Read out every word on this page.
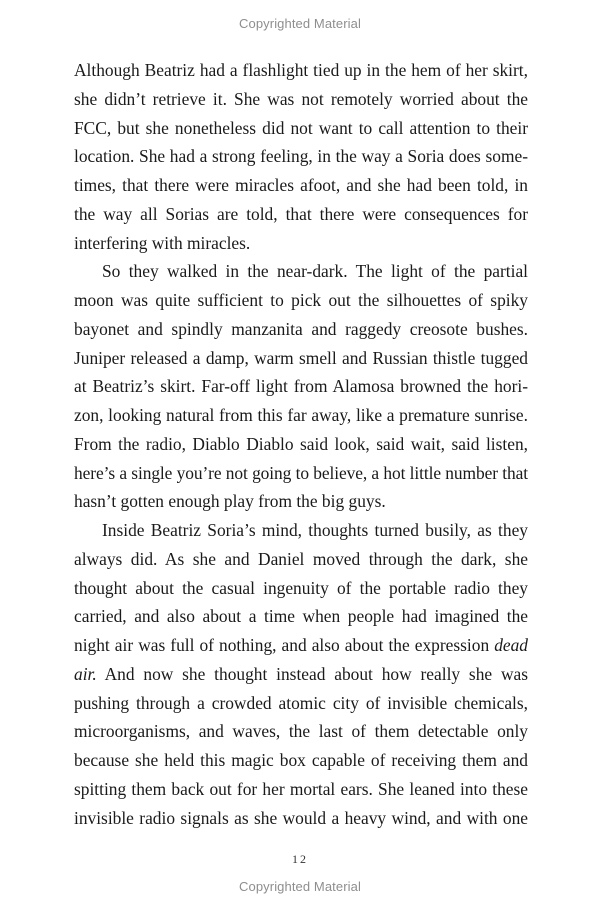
Copyrighted Material
Although Beatriz had a flashlight tied up in the hem of her skirt,
she didn’t retrieve it. She was not remotely worried about the
FCC, but she nonetheless did not want to call attention to their
location. She had a strong feeling, in the way a Soria does some-
times, that there were miracles afoot, and she had been told, in
the way all Sorias are told, that there were consequences for
interfering with miracles.
So they walked in the near-dark. The light of the partial
moon was quite sufficient to pick out the silhouettes of spiky
bayonet and spindly manzanita and raggedy creosote bushes.
Juniper released a damp, warm smell and Russian thistle tugged
at Beatriz’s skirt. Far-off light from Alamosa browned the hori-
zon, looking natural from this far away, like a premature sunrise.
From the radio, Diablo Diablo said look, said wait, said listen,
here’s a single you’re not going to believe, a hot little number that
hasn’t gotten enough play from the big guys.
Inside Beatriz Soria’s mind, thoughts turned busily, as they
always did. As she and Daniel moved through the dark, she
thought about the casual ingenuity of the portable radio they
carried, and also about a time when people had imagined the
night air was full of nothing, and also about the expression dead
air. And now she thought instead about how really she was
pushing through a crowded atomic city of invisible chemicals,
microorganisms, and waves, the last of them detectable only
because she held this magic box capable of receiving them and
spitting them back out for her mortal ears. She leaned into these
invisible radio signals as she would a heavy wind, and with one
12
Copyrighted Material
